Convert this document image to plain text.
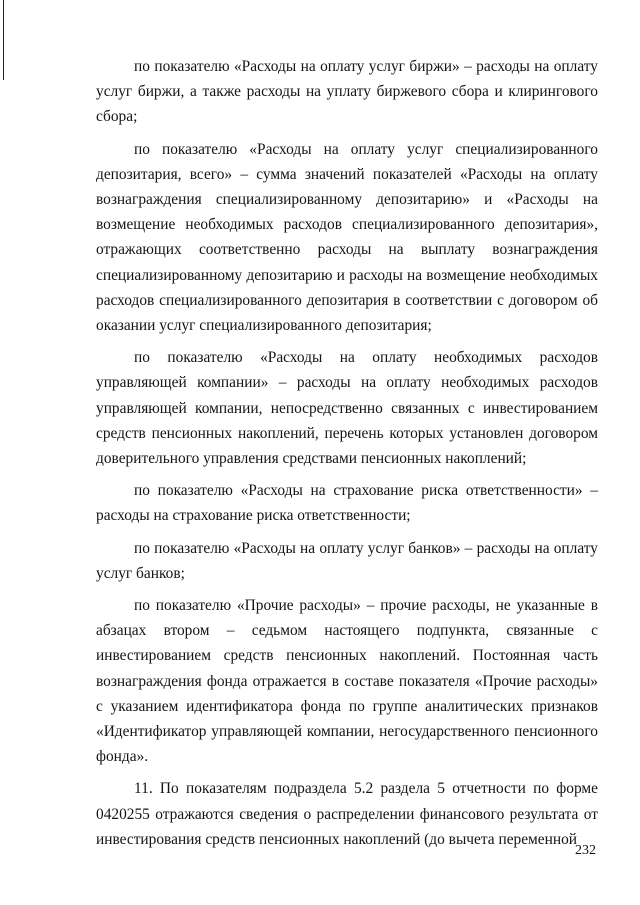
по показателю «Расходы на оплату услуг биржи» – расходы на оплату услуг биржи, а также расходы на уплату биржевого сбора и клирингового сбора;

по показателю «Расходы на оплату услуг специализированного депозитария, всего» – сумма значений показателей «Расходы на оплату вознаграждения специализированному депозитарию» и «Расходы на возмещение необходимых расходов специализированного депозитария», отражающих соответственно расходы на выплату вознаграждения специализированному депозитарию и расходы на возмещение необходимых расходов специализированного депозитария в соответствии с договором об оказании услуг специализированного депозитария;

по показателю «Расходы на оплату необходимых расходов управляющей компании» – расходы на оплату необходимых расходов управляющей компании, непосредственно связанных с инвестированием средств пенсионных накоплений, перечень которых установлен договором доверительного управления средствами пенсионных накоплений;

по показателю «Расходы на страхование риска ответственности» – расходы на страхование риска ответственности;

по показателю «Расходы на оплату услуг банков» – расходы на оплату услуг банков;

по показателю «Прочие расходы» – прочие расходы, не указанные в абзацах втором – седьмом настоящего подпункта, связанные с инвестированием средств пенсионных накоплений. Постоянная часть вознаграждения фонда отражается в составе показателя «Прочие расходы» с указанием идентификатора фонда по группе аналитических признаков «Идентификатор управляющей компании, негосударственного пенсионного фонда».

11. По показателям подраздела 5.2 раздела 5 отчетности по форме 0420255 отражаются сведения о распределении финансового результата от инвестирования средств пенсионных накоплений (до вычета переменной

232
